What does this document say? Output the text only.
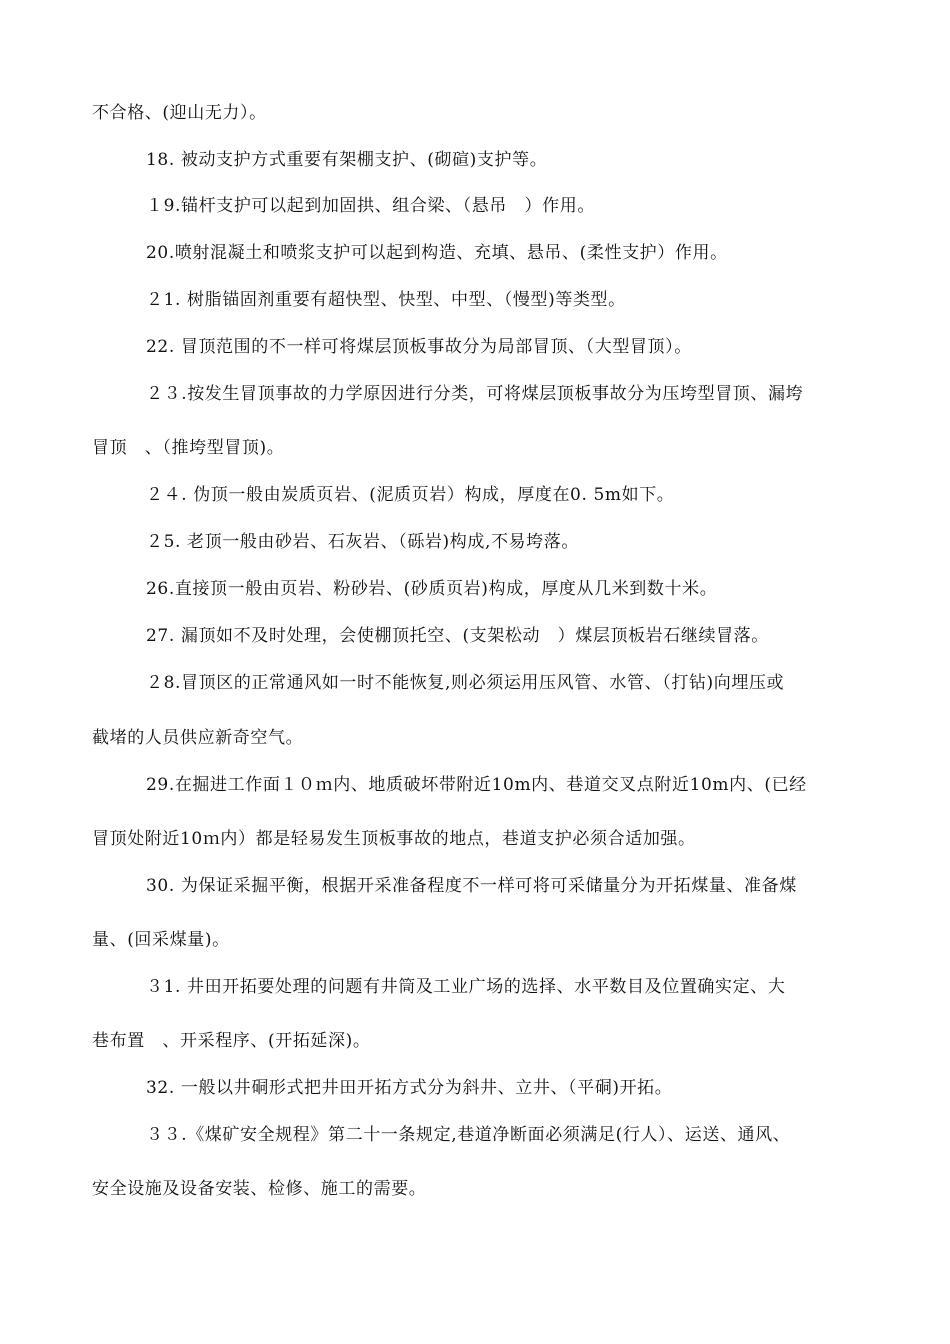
不合格、(迎山无力）。
18. 被动支护方式重要有架棚支护、(砌碹)支护等。
１9.锚杆支护可以起到加固拱、组合梁、（悬吊　）作用。
20.喷射混凝土和喷浆支护可以起到构造、充填、悬吊、(柔性支护）作用。
２1. 树脂锚固剂重要有超快型、快型、中型、（慢型)等类型。
22. 冒顶范围的不一样可将煤层顶板事故分为局部冒顶、（大型冒顶）。
２３.按发生冒顶事故的力学原因进行分类，可将煤层顶板事故分为压垮型冒顶、漏垮
冒顶　、（推垮型冒顶)。
２４. 伪顶一般由炭质页岩、(泥质页岩）构成，厚度在0. 5m如下。
２5. 老顶一般由砂岩、石灰岩、（砾岩)构成,不易垮落。
26.直接顶一般由页岩、粉砂岩、(砂质页岩)构成，厚度从几米到数十米。
27. 漏顶如不及时处理，会使棚顶托空、(支架松动　）煤层顶板岩石继续冒落。
２8.冒顶区的正常通风如一时不能恢复,则必须运用压风管、水管、（打钻)向埋压或
截堵的人员供应新奇空气。
29.在掘进工作面１０ｍ内、地质破坏带附近10m内、巷道交叉点附近10m内、(已经
冒顶处附近10ｍ内）都是轻易发生顶板事故的地点，巷道支护必须合适加强。
30. 为保证采掘平衡，根据开采准备程度不一样可将可采储量分为开拓煤量、准备煤
量、(回采煤量)。
３1. 井田开拓要处理的问题有井筒及工业广场的选择、水平数目及位置确实定、大
巷布置　、开采程序、(开拓延深)。
32. 一般以井硐形式把井田开拓方式分为斜井、立井、（平硐)开拓。
３３.《煤矿安全规程》第二十一条规定,巷道净断面必须满足(行人）、运送、通风、
安全设施及设备安装、检修、施工的需要。
